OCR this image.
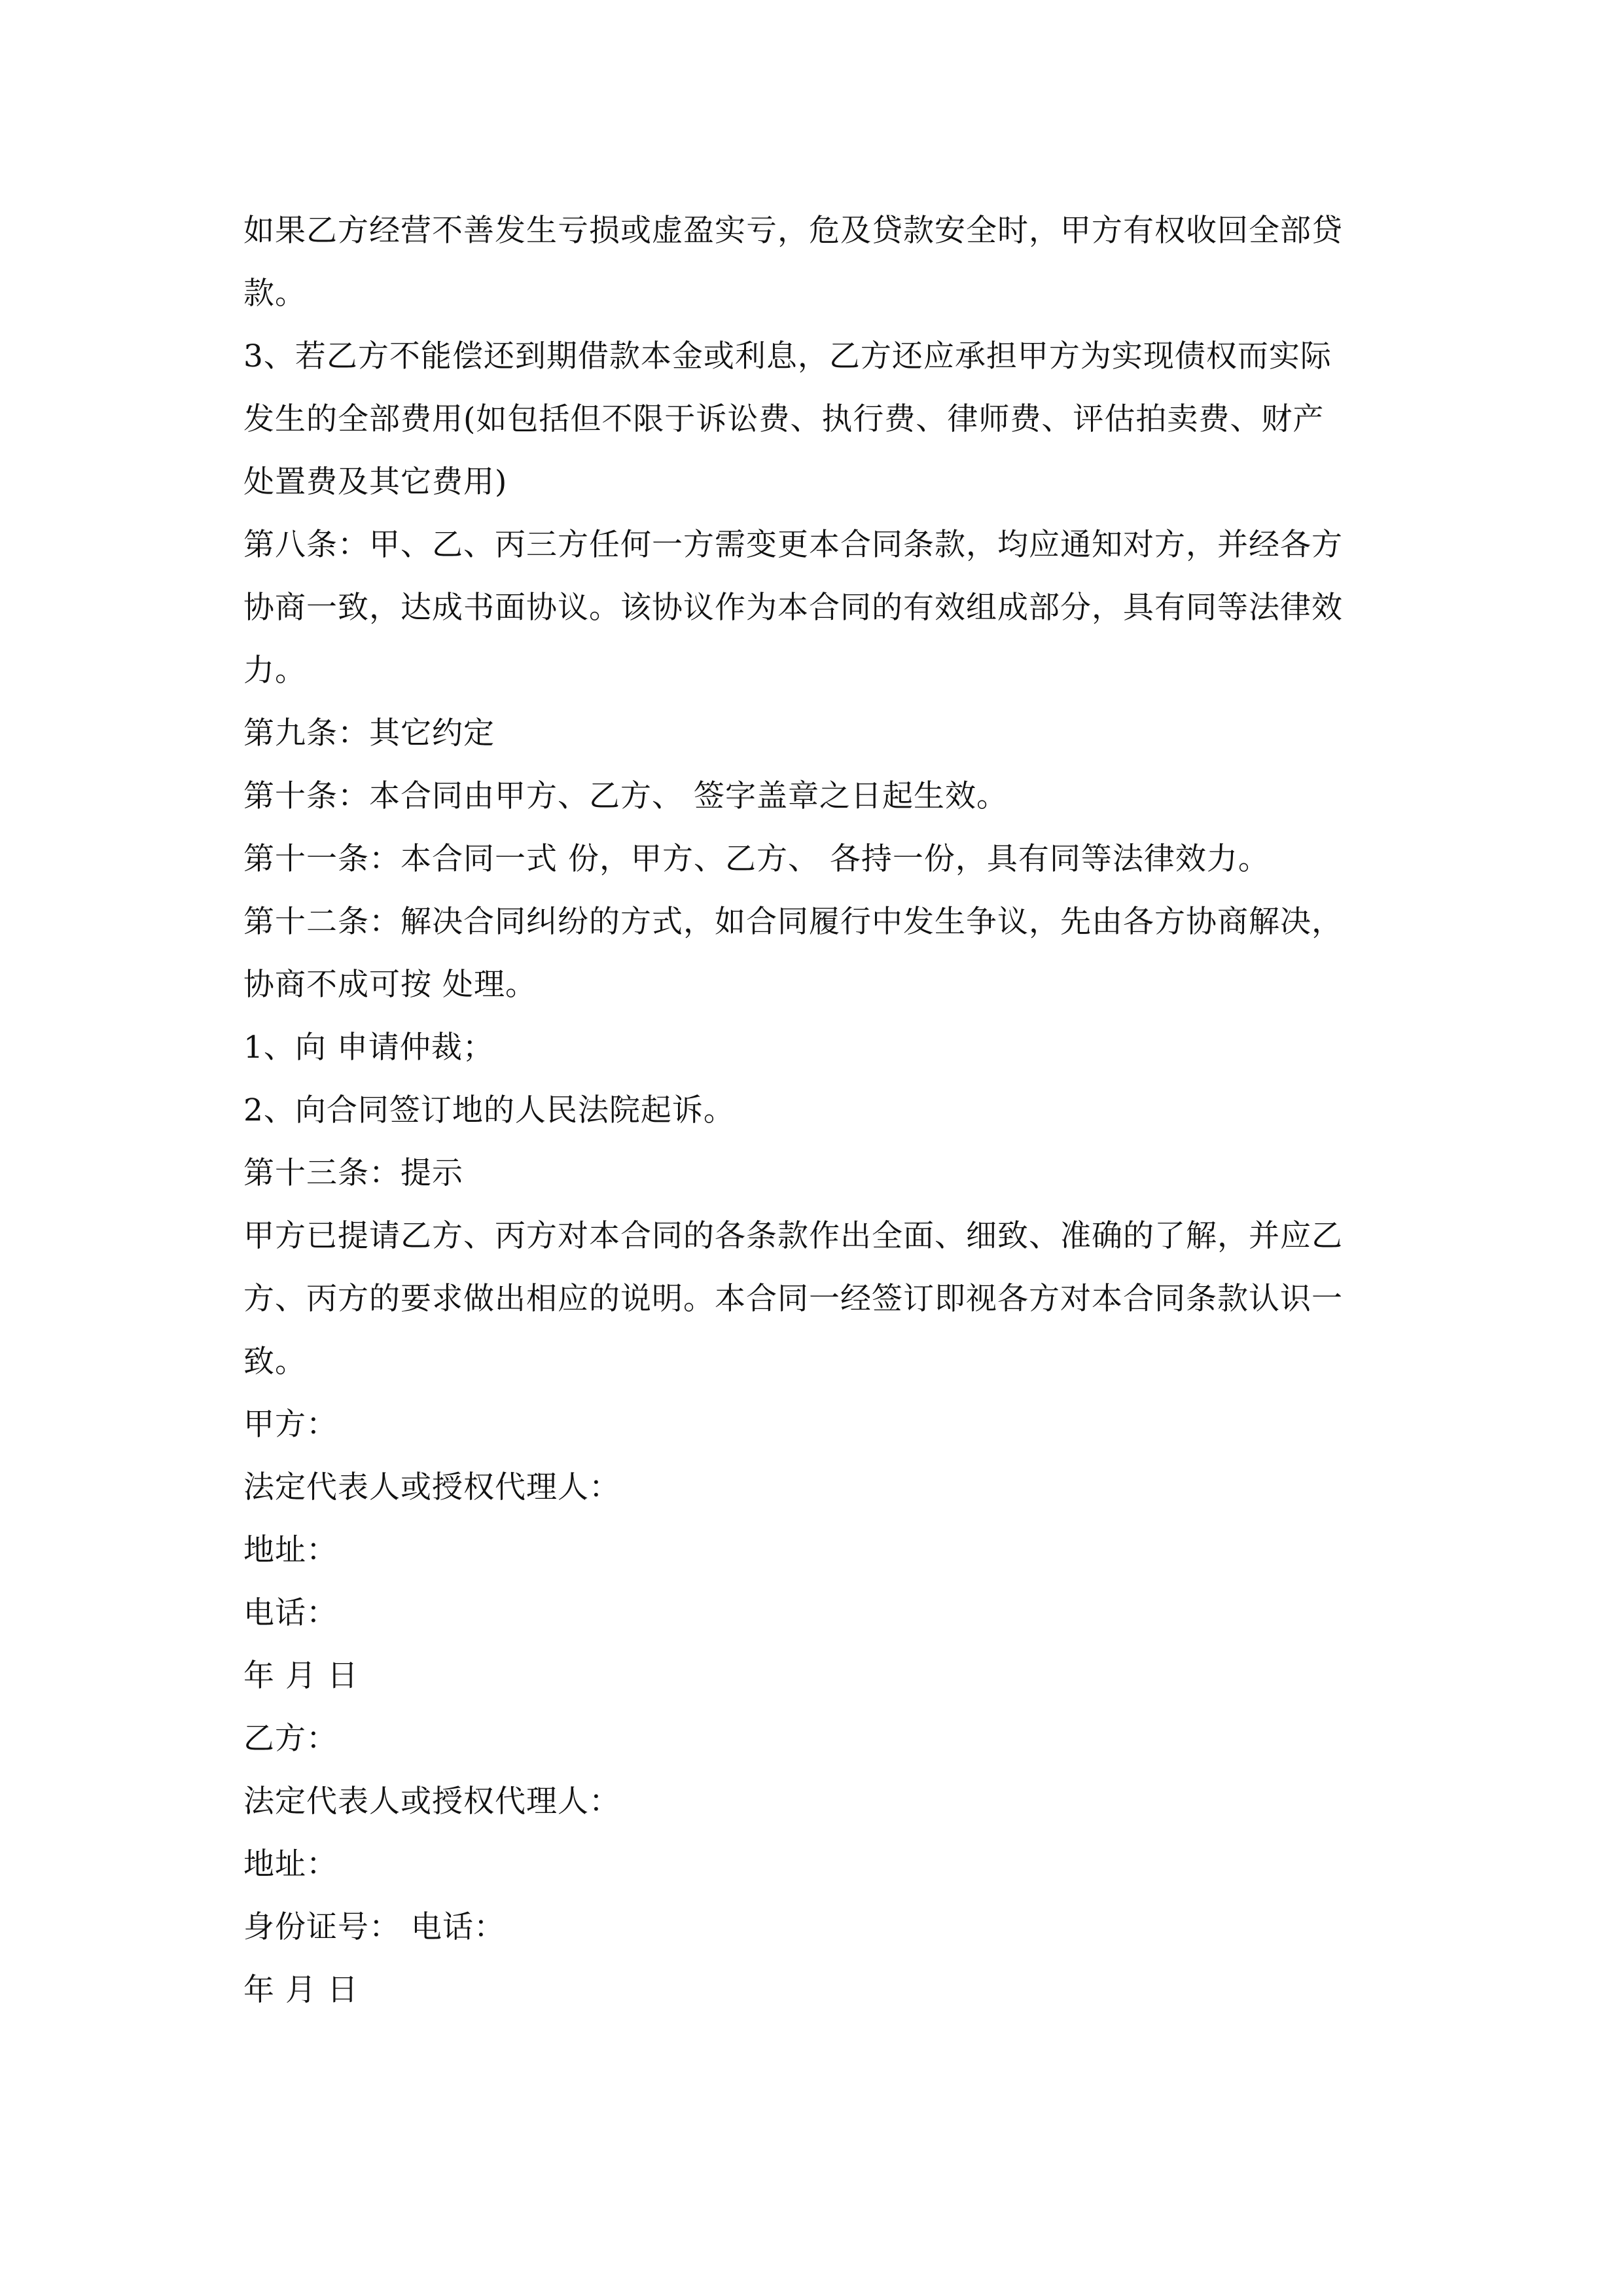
如果乙方经营不善发生亏损或虚盈实亏，危及贷款安全时，甲方有权收回全部贷
款。
3、若乙方不能偿还到期借款本金或利息，乙方还应承担甲方为实现债权而实际
发生的全部费用(如包括但不限于诉讼费、执行费、律师费、评估拍卖费、财产
处置费及其它费用)
第八条：甲、乙、丙三方任何一方需变更本合同条款，均应通知对方，并经各方
协商一致，达成书面协议。该协议作为本合同的有效组成部分，具有同等法律效
力。
第九条：其它约定
第十条：本合同由甲方、乙方、 签字盖章之日起生效。
第十一条：本合同一式 份，甲方、乙方、 各持一份，具有同等法律效力。
第十二条：解决合同纠纷的方式，如合同履行中发生争议，先由各方协商解决，
协商不成可按 处理。
1、向 申请仲裁；
2、向合同签订地的人民法院起诉。
第十三条：提示
甲方已提请乙方、丙方对本合同的各条款作出全面、细致、准确的了解，并应乙
方、丙方的要求做出相应的说明。本合同一经签订即视各方对本合同条款认识一
致。
甲方：
法定代表人或授权代理人：
地址：
电话：
年 月 日
乙方：
法定代表人或授权代理人：
地址：
身份证号： 电话：
年 月 日
